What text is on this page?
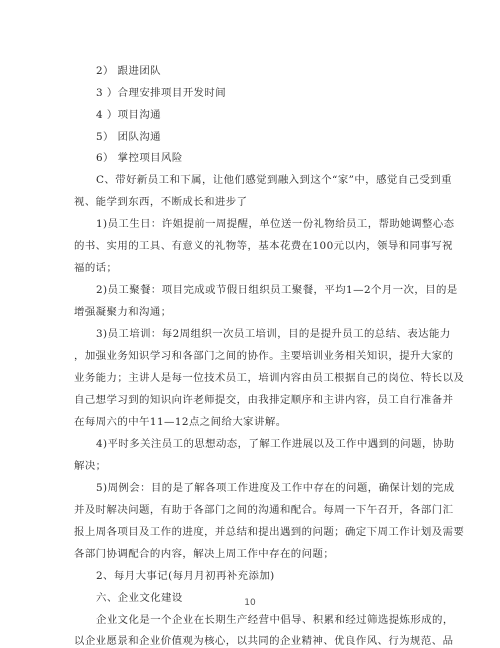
2） 跟进团队
3 ）合理安排项目开发时间
4 ）项目沟通
5） 团队沟通
6） 掌控项目风险
C、带好新员工和下属，让他们感觉到融入到这个“家”中，感觉自己受到重
视、能学到东西，不断成长和进步了
1)员工生日：许姐提前一周提醒，单位送一份礼物给员工，帮助她调整心态
的书、实用的工具、有意义的礼物等，基本花费在100元以内，领导和同事写祝
福的话；
2)员工聚餐：项目完成或节假日组织员工聚餐，平均1—2个月一次，目的是
增强凝聚力和沟通；
3)员工培训：每2周组织一次员工培训，目的是提升员工的总结、表达能力
，加强业务知识学习和各部门之间的协作。主要培训业务相关知识，提升大家的
业务能力；主讲人是每一位技术员工，培训内容由员工根据自己的岗位、特长以及
自己想学习到的知识向许老师提交，由我排定顺序和主讲内容，员工自行准备并
在每周六的中午11—12点之间给大家讲解。
4)平时多关注员工的思想动态，了解工作进展以及工作中遇到的问题，协助
解决；
5)周例会：目的是了解各项工作进度及工作中存在的问题，确保计划的完成
并及时解决问题，有助于各部门之间的沟通和配合。每周一下午召开，各部门汇
报上周各项目及工作的进度，并总结和提出遇到的问题；确定下周工作计划及需要
各部门协调配合的内容，解决上周工作中存在的问题；
2、每月大事记(每月月初再补充添加)
六、企业文化建设
企业文化是一个企业在长期生产经营中倡导、积累和经过筛选提炼形成的，
以企业愿景和企业价值观为核心，以共同的企业精神、优良作风、行为规范、品
10
